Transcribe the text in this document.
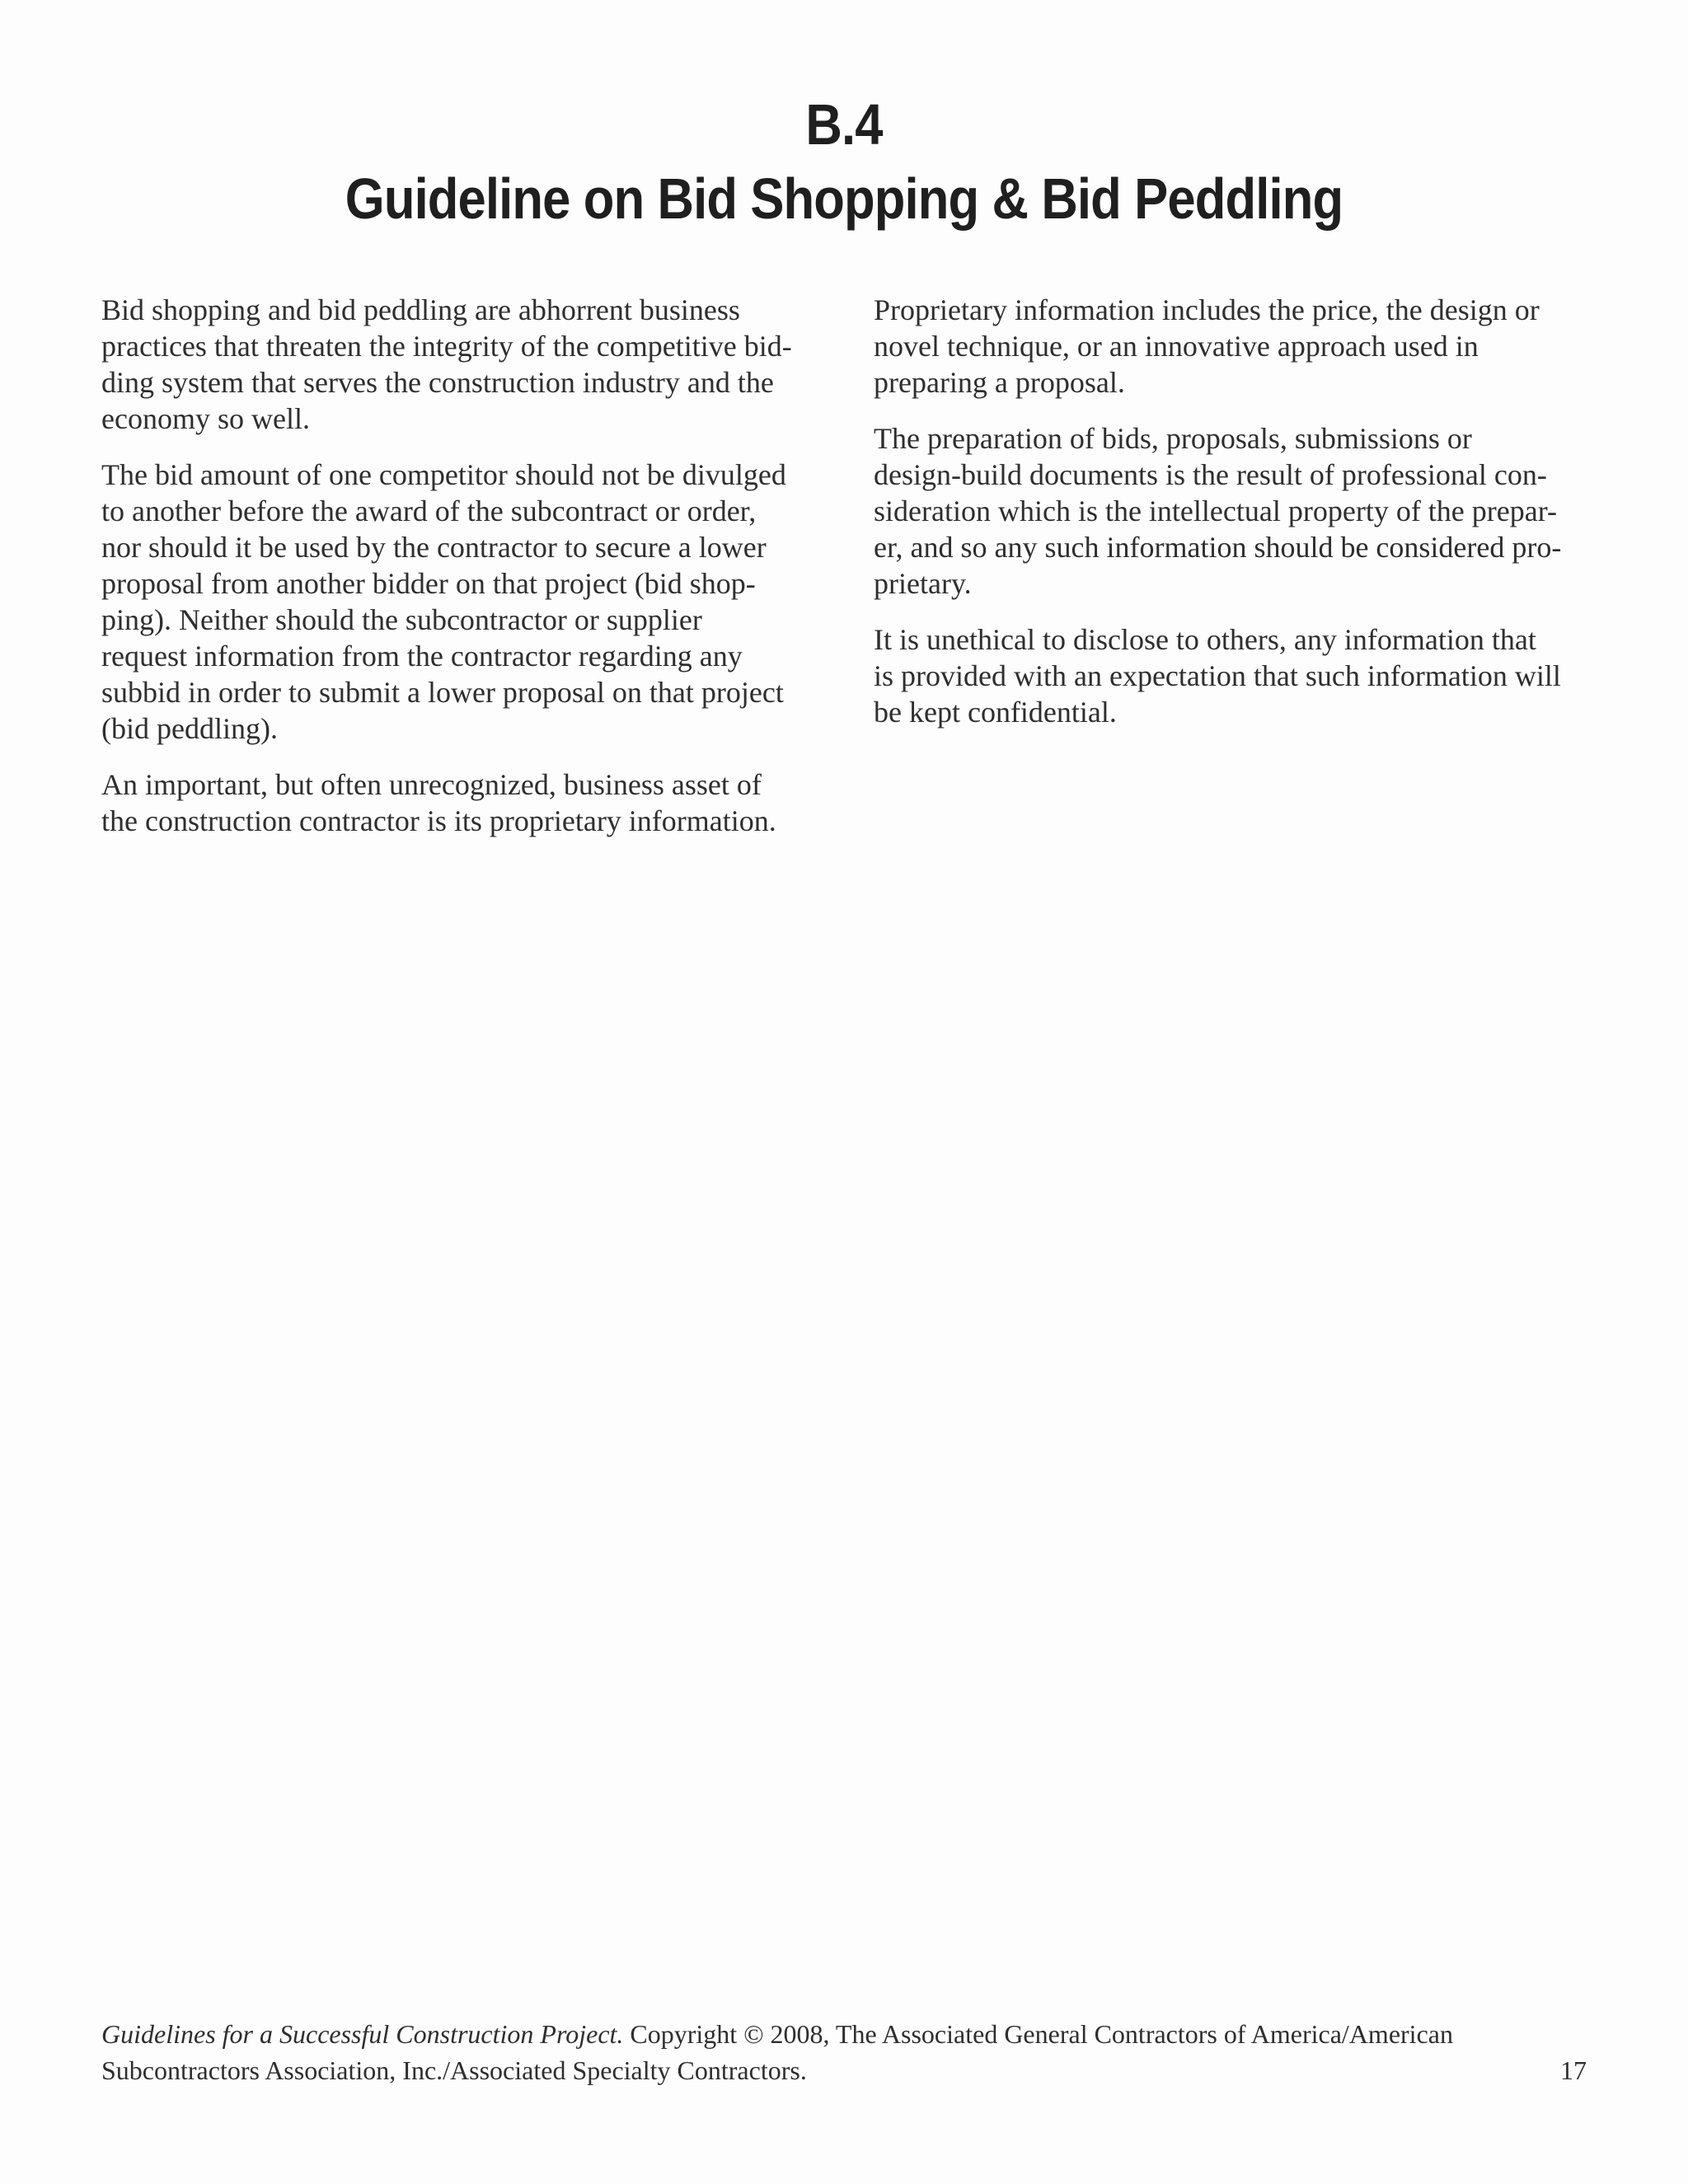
B.4
Guideline on Bid Shopping & Bid Peddling

Bid shopping and bid peddling are abhorrent business
practices that threaten the integrity of the competitive bid-
ding system that serves the construction industry and the
economy so well.

The bid amount of one competitor should not be divulged
to another before the award of the subcontract or order,
nor should it be used by the contractor to secure a lower
proposal from another bidder on that project (bid shop-
ping). Neither should the subcontractor or supplier
request information from the contractor regarding any
subbid in order to submit a lower proposal on that project
(bid peddling).

An important, but often unrecognized, business asset of
the construction contractor is its proprietary information.

Proprietary information includes the price, the design or
novel technique, or an innovative approach used in
preparing a proposal.

The preparation of bids, proposals, submissions or
design-build documents is the result of professional con-
sideration which is the intellectual property of the prepar-
er, and so any such information should be considered pro-
prietary.

It is unethical to disclose to others, any information that
is provided with an expectation that such information will
be kept confidential.

Guidelines for a Successful Construction Project. Copyright © 2008, The Associated General Contractors of America/American
Subcontractors Association, Inc./Associated Specialty Contractors.	17
